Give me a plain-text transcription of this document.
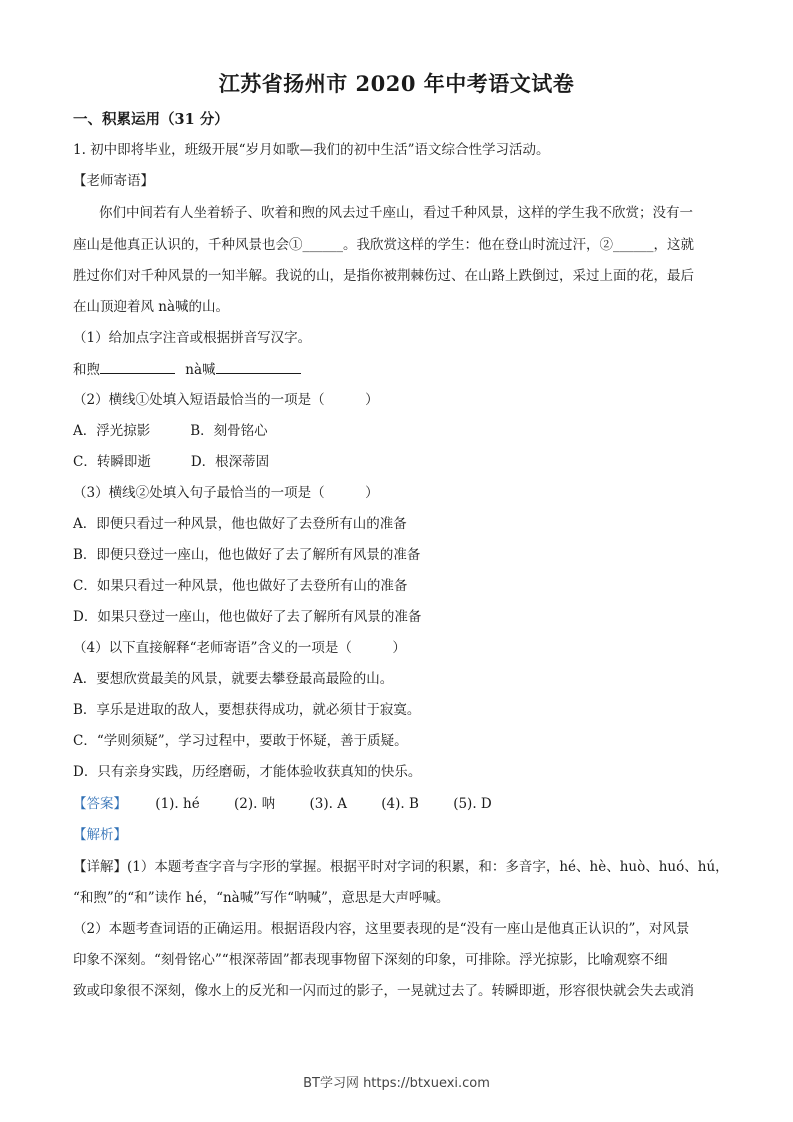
江苏省扬州市 2020 年中考语文试卷
一、积累运用（31 分）
1. 初中即将毕业，班级开展“岁月如歌—我们的初中生活”语文综合性学习活动。
【老师寄语】
你们中间若有人坐着轿子、吹着和煦的风去过千座山，看过千种风景，这样的学生我不欣赏；没有一
座山是他真正认识的，千种风景也会①______。我欣赏这样的学生：他在登山时流过汗，②______，这就
胜过你们对千种风景的一知半解。我说的山，是指你被荆棘伤过、在山路上跌倒过，采过上面的花，最后
在山顶迎着风 nà喊的山。
（1）给加点字注音或根据拼音写汉字。
和煦	nà喊
（2）横线①处填入短语最恰当的一项是（　　　）
A．浮光掠影	B．刻骨铭心
C．转瞬即逝	D．根深蒂固
（3）横线②处填入句子最恰当的一项是（　　　）
A．即便只看过一种风景，他也做好了去登所有山的准备
B．即便只登过一座山，他也做好了去了解所有风景的准备
C．如果只看过一种风景，他也做好了去登所有山的准备
D．如果只登过一座山，他也做好了去了解所有风景的准备
（4）以下直接解释“老师寄语”含义的一项是（　　　）
A．要想欣赏最美的风景，就要去攀登最高最险的山。
B．享乐是进取的敌人，要想获得成功，就必须甘于寂寞。
C．“学则须疑”，学习过程中，要敢于怀疑，善于质疑。
D．只有亲身实践，历经磨砺，才能体验收获真知的快乐。
【答案】 (1). hé	(2). 呐	(3). A	(4). B	(5). D
【解析】
【详解】(1）本题考查字音与字形的掌握。根据平时对字词的积累，和：多音字，hé、hè、huò、huó、hú，
“和煦”的“和”读作 hé，“nà喊”写作“呐喊”，意思是大声呼喊。
（2）本题考查词语的正确运用。根据语段内容，这里要表现的是“没有一座山是他真正认识的”，对风景
印象不深刻。“刻骨铭心”“根深蒂固”都表现事物留下深刻的印象，可排除。浮光掠影，比喻观察不细
致或印象很不深刻，像水上的反光和一闪而过的影子，一晃就过去了。转瞬即逝，形容很快就会失去或消
BT学习网 https://btxuexi.com
